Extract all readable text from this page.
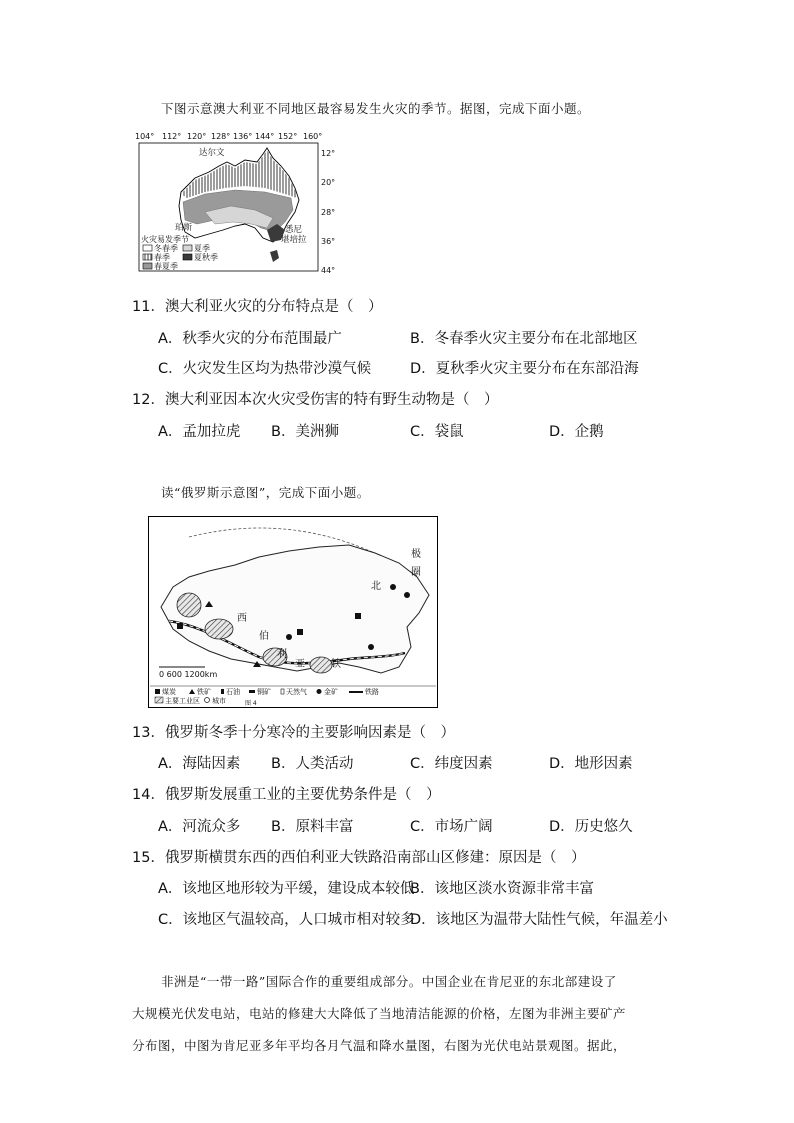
下图示意澳大利亚不同地区最容易发生火灾的季节。据图，完成下面小题。
104° 112° 120° 128° 136° 144° 152° 160°
12°
20°
28°
36°
44°
达尔文
珀斯	悉尼
堪培拉
火灾易发季节
冬春季 夏季
春季	夏秋季
春夏季
11．澳大利亚火灾的分布特点是（　）
A．秋季火灾的分布范围最广	B．冬春季火灾主要分布在北部地区
C．火灾发生区均为热带沙漠气候	D．夏秋季火灾主要分布在东部沿海
12．澳大利亚因本次火灾受伤害的特有野生动物是（　）
A．孟加拉虎 B．美洲狮	C．袋鼠	D．企鹅
读“俄罗斯示意图”，完成下面小题。
西
伯
利
亚	铁
北
极
圈
0 600 1200km
煤炭	铁矿 石油 铜矿 天然气 金矿	铁路
主要工业区 城市	图 4
13．俄罗斯冬季十分寒冷的主要影响因素是（　）
A．海陆因素 B．人类活动	C．纬度因素	D．地形因素
14．俄罗斯发展重工业的主要优势条件是（　）
A．河流众多 B．原料丰富	C．市场广阔	D．历史悠久
15．俄罗斯横贯东西的西伯利亚大铁路沿南部山区修建：原因是（　）
A．该地区地形较为平缓，建设成本较低
B．该地区淡水资源非常丰富
C．该地区气温较高，人口城市相对较多
D．该地区为温带大陆性气候，年温差小
非洲是“一带一路”国际合作的重要组成部分。中国企业在肯尼亚的东北部建设了
大规模光伏发电站，电站的修建大大降低了当地清洁能源的价格，左图为非洲主要矿产
分布图，中图为肯尼亚多年平均各月气温和降水量图，右图为光伏电站景观图。据此，
